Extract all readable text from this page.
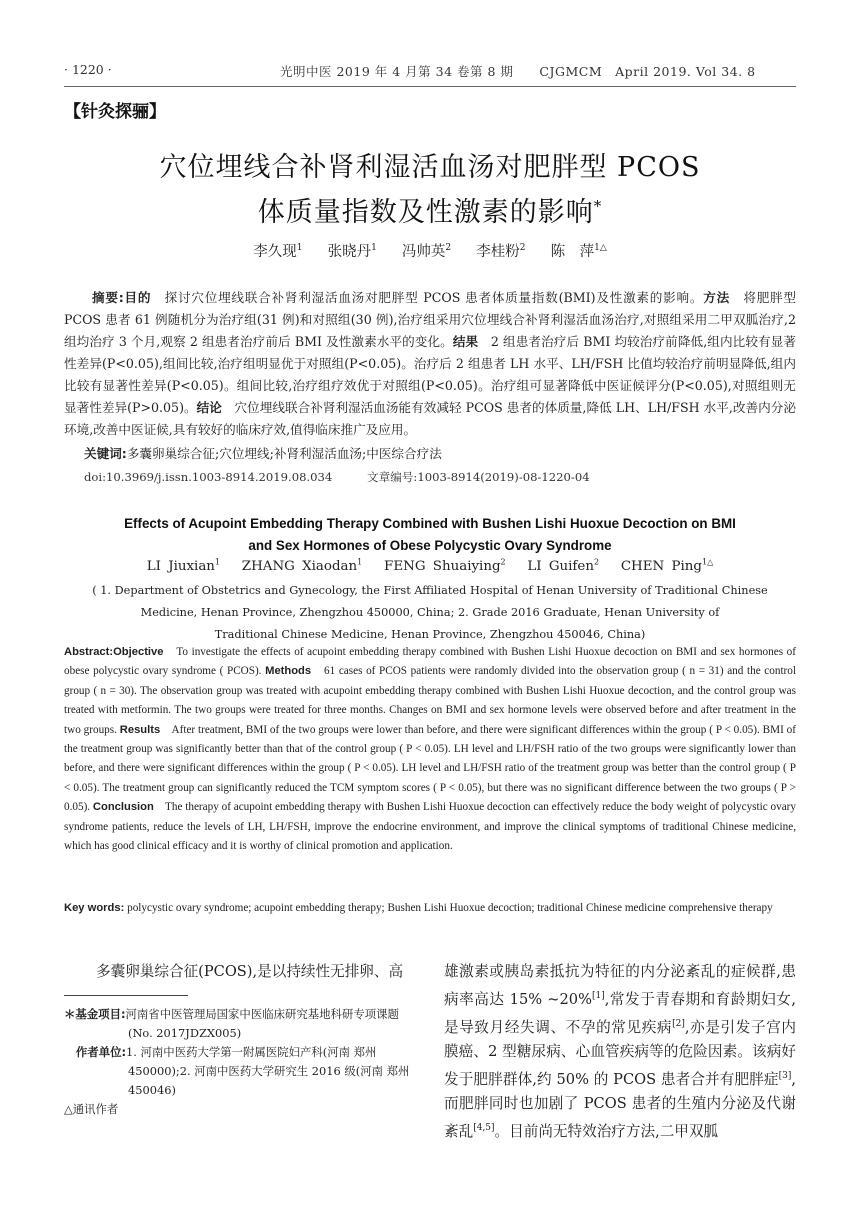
· 1220 ·	光明中医 2019 年 4 月第 34 卷第 8 期　　CJGMCM　April 2019. Vol 34. 8
【针灸探骊】
穴位埋线合补肾利湿活血汤对肥胖型 PCOS
体质量指数及性激素的影响*
李久现$^1$　 张晓丹$^1$　 冯帅英$^2$　 李桂粉$^2$　 陈　萍$^{1\triangle}$
摘要:目的　探讨穴位埋线联合补肾利湿活血汤对肥胖型 PCOS 患者体质量指数(BMI)及性激素的影响。方法　将肥胖型 PCOS 患者 61 例随机分为治疗组(31 例)和对照组(30 例),治疗组采用穴位埋线合补肾利湿活血汤治疗,对照组采用二甲双胍治疗,2 组均治疗 3 个月,观察 2 组患者治疗前后 BMI 及性激素水平的变化。结果　2 组患者治疗后 BMI 均较治疗前降低,组内比较有显著性差异(P<0.05),组间比较,治疗组明显优于对照组(P<0.05)。治疗后 2 组患者 LH 水平、LH/FSH 比值均较治疗前明显降低,组内比较有显著性差异(P<0.05)。组间比较,治疗组疗效优于对照组(P<0.05)。治疗组可显著降低中医证候评分(P<0.05),对照组则无显著性差异(P>0.05)。结论　穴位埋线联合补肾利湿活血汤能有效减轻 PCOS 患者的体质量,降低 LH、LH/FSH 水平,改善内分泌环境,改善中医证候,具有较好的临床疗效,值得临床推广及应用。
关键词:多囊卵巢综合征;穴位埋线;补肾利湿活血汤;中医综合疗法
doi:10.3969/j.issn.1003-8914.2019.08.034　　　文章编号:1003-8914(2019)-08-1220-04
Effects of Acupoint Embedding Therapy Combined with Bushen Lishi Huoxue Decoction on BMI
and Sex Hormones of Obese Polycystic Ovary Syndrome
LI Jiuxian$^1$ ZHANG Xiaodan$^1$ FENG Shuaiying$^2$ LI Guifen$^2$ CHEN Ping$^{1\triangle}$
( 1. Department of Obstetrics and Gynecology, the First Affiliated Hospital of Henan University of Traditional Chinese
Medicine, Henan Province, Zhengzhou 450000, China; 2. Grade 2016 Graduate, Henan University of
Traditional Chinese Medicine, Henan Province, Zhengzhou 450046, China)
Abstract:Objective　To investigate the effects of acupoint embedding therapy combined with Bushen Lishi Huoxue decoction on BMI and sex hormones of obese polycystic ovary syndrome ( PCOS). Methods　61 cases of PCOS patients were randomly divided into the observation group ( n = 31) and the control group ( n = 30). The observation group was treated with acupoint embedding therapy combined with Bushen Lishi Huoxue decoction, and the control group was treated with metformin. The two groups were treated for three months. Changes on BMI and sex hormone levels were observed before and after treatment in the two groups. Results　After treatment, BMI of the two groups were lower than before, and there were significant differences within the group ( P < 0.05). BMI of the treatment group was significantly better than that of the control group ( P < 0.05). LH level and LH/FSH ratio of the two groups were significantly lower than before, and there were significant differences within the group ( P < 0.05). LH level and LH/FSH ratio of the treatment group was better than the control group ( P < 0.05). The treatment group can significantly reduced the TCM symptom scores ( P < 0.05), but there was no significant difference between the two groups ( P > 0.05). Conclusion　The therapy of acupoint embedding therapy with Bushen Lishi Huoxue decoction can effectively reduce the body weight of polycystic ovary syndrome patients, reduce the levels of LH, LH/FSH, improve the endocrine environment, and improve the clinical symptoms of traditional Chinese medicine, which has good clinical efficacy and it is worthy of clinical promotion and application.
Key words: polycystic ovary syndrome; acupoint embedding therapy; Bushen Lishi Huoxue decoction; traditional Chinese medicine comprehensive therapy
多囊卵巢综合征(PCOS),是以持续性无排卵、高
＊基金项目:河南省中医管理局国家中医临床研究基地科研专项课题
(No. 2017JDZX005)
作者单位:1. 河南中医药大学第一附属医院妇产科(河南 郑州
450000);2. 河南中医药大学研究生 2016 级(河南 郑州
450046)
△通讯作者
雄激素或胰岛素抵抗为特征的内分泌紊乱的症候群,患病率高达 15% ~20%[1],常发于青春期和育龄期妇女,是导致月经失调、不孕的常见疾病[2],亦是引发子宫内膜癌、2 型糖尿病、心血管疾病等的危险因素。该病好发于肥胖群体,约 50% 的 PCOS 患者合并有肥胖症[3],而肥胖同时也加剧了 PCOS 患者的生殖内分泌及代谢紊乱[4,5]。目前尚无特效治疗方法,二甲双胍
